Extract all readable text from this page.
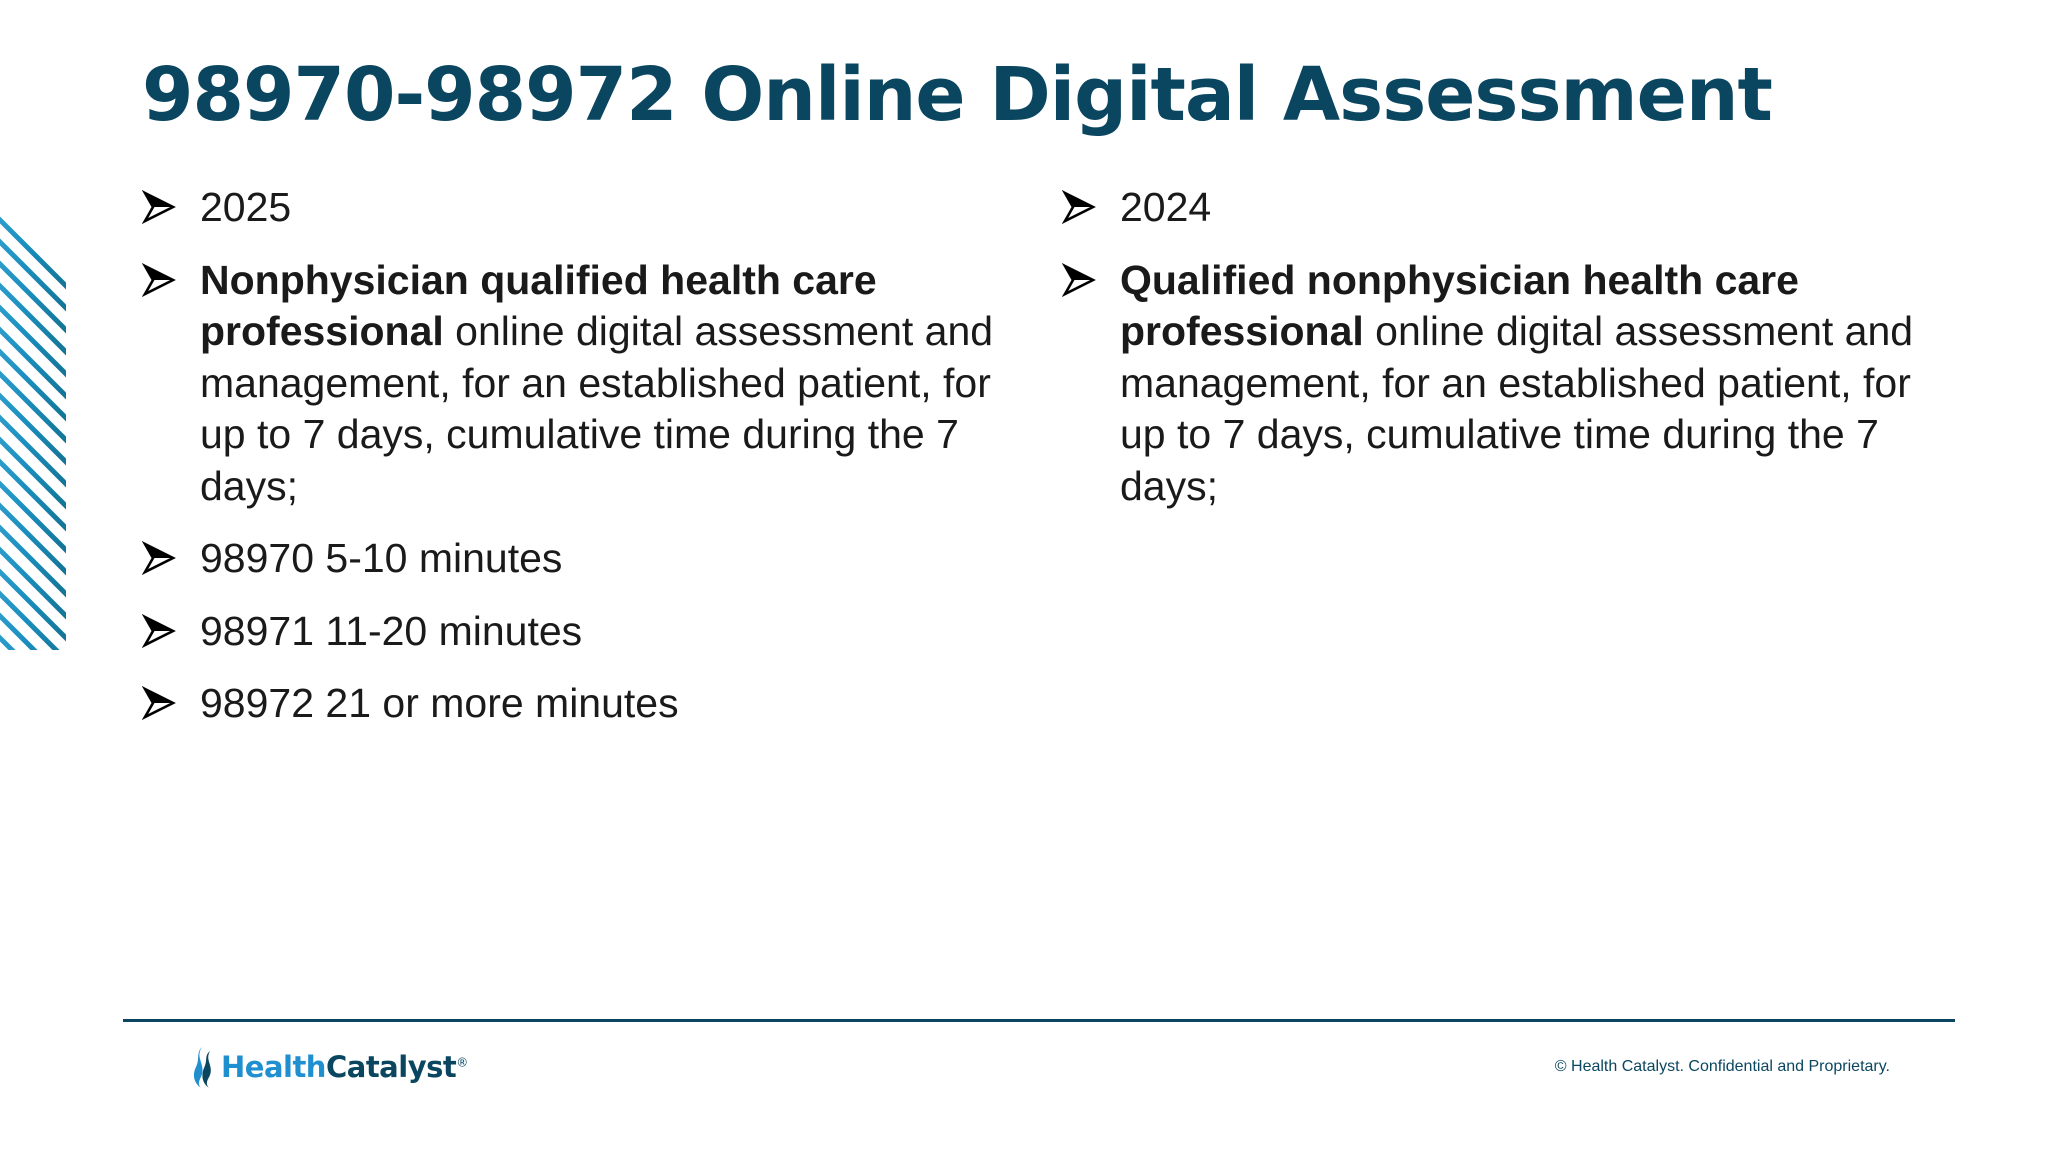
98970-98972 Online Digital Assessment
2025
Nonphysician qualified health care professional online digital assessment and management, for an established patient, for up to 7 days, cumulative time during the 7 days;
98970 5-10 minutes
98971 11-20 minutes
98972 21 or more minutes
2024
Qualified nonphysician health care professional online digital assessment and management, for an established patient, for up to 7 days, cumulative time during the 7 days;
HealthCatalyst®	© Health Catalyst. Confidential and Proprietary.
